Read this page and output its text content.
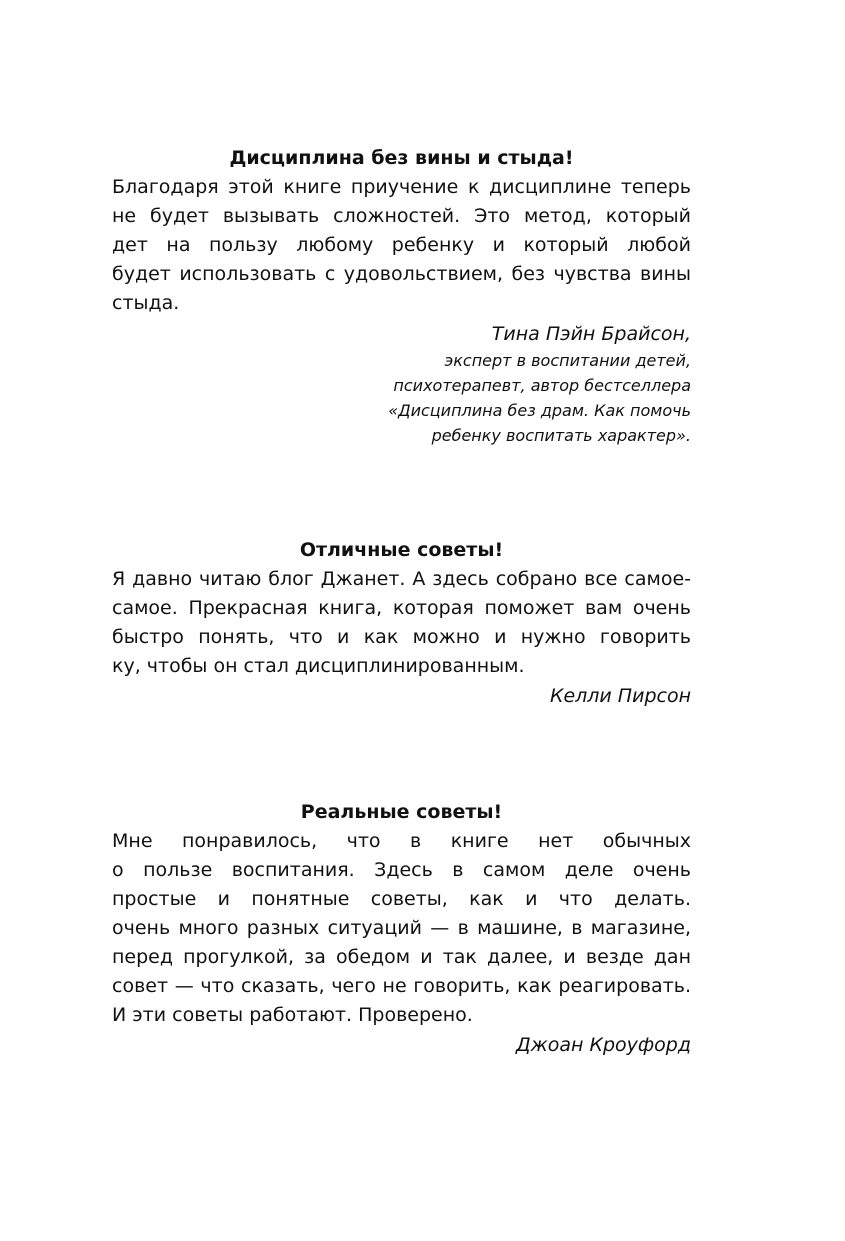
Дисциплина без вины и стыда!
Благодаря этой книге приучение к дисциплине теперь
не будет вызывать сложностей. Это метод, который
дет на пользу любому ребенку и который любой
будет использовать с удовольствием, без чувства вины
стыда.
Тина Пэйн Брайсон,
эксперт в воспитании детей,
психотерапевт, автор бестселлера
«Дисциплина без драм. Как помочь
ребенку воспитать характер».
Отличные советы!
Я давно читаю блог Джанет. А здесь собрано все самое-
самое. Прекрасная книга, которая поможет вам очень
быстро понять, что и как можно и нужно говорить
ку, чтобы он стал дисциплинированным.
Келли Пирсон
Реальные советы!
Мне понравилось, что в книге нет обычных
о пользе воспитания. Здесь в самом деле очень
простые и понятные советы, как и что делать.
очень много разных ситуаций — в машине, в магазине,
перед прогулкой, за обедом и так далее, и везде дан
совет — что сказать, чего не говорить, как реагировать.
И эти советы работают. Проверено.
Джоан Кроуфорд
